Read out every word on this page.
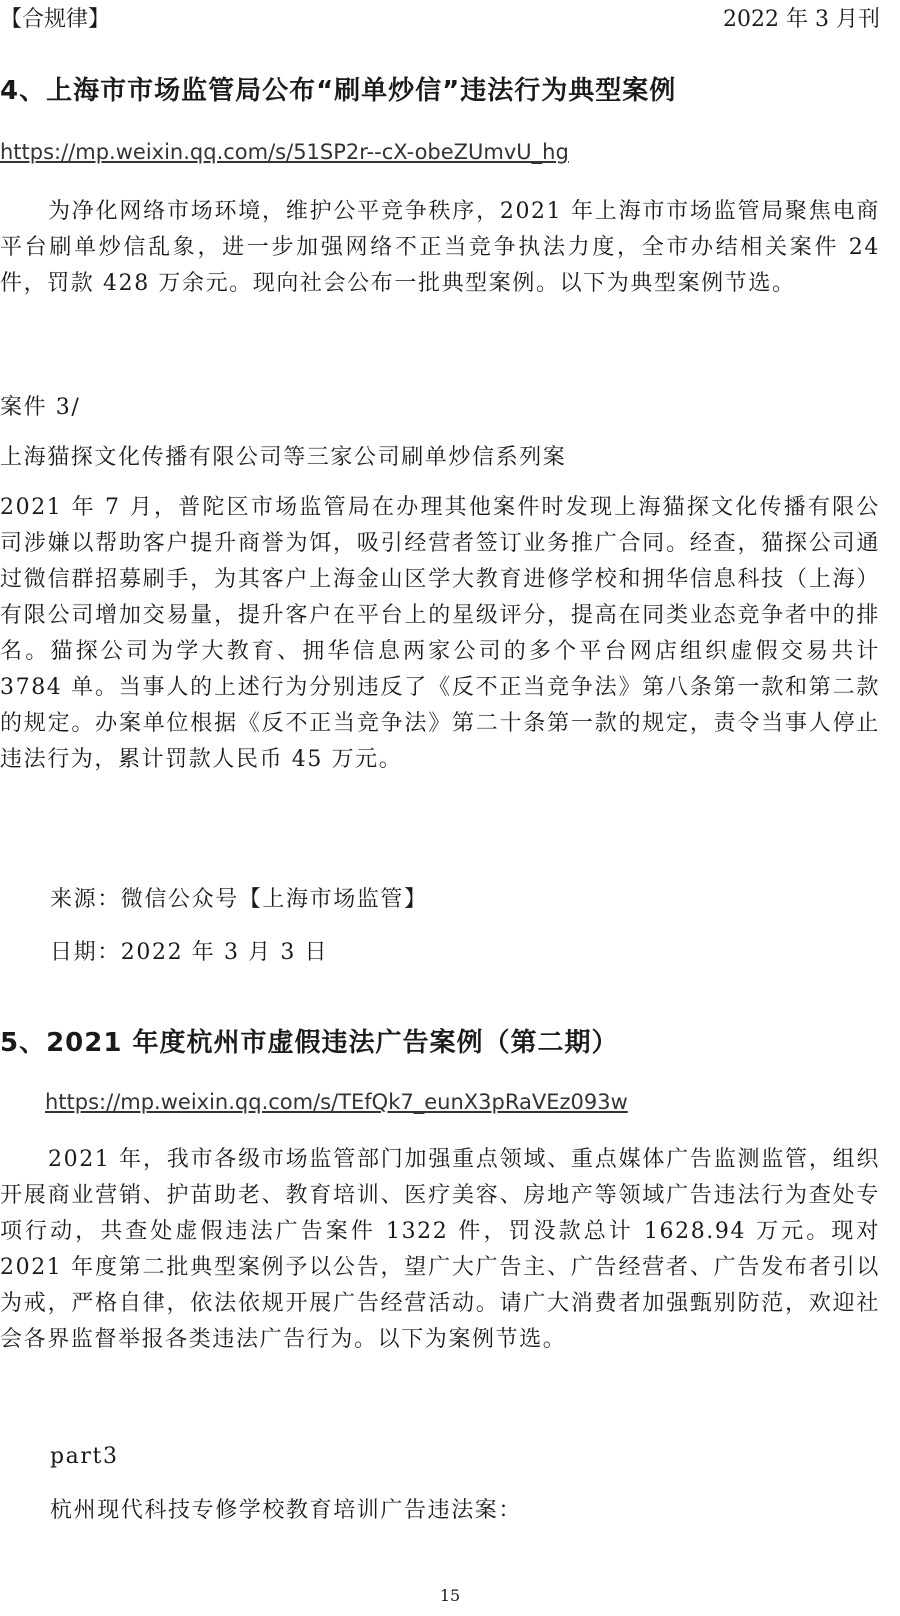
【合规律】	2022 年 3 月刊
4、上海市市场监管局公布“刷单炒信”违法行为典型案例
https://mp.weixin.qq.com/s/51SP2r--cX-obeZUmvU_hg
为净化网络市场环境，维护公平竞争秩序，2021 年上海市市场监管局聚焦电商平台刷单炒信乱象，进一步加强网络不正当竞争执法力度，全市办结相关案件 24 件，罚款 428 万余元。现向社会公布一批典型案例。以下为典型案例节选。
案件 3/
上海猫探文化传播有限公司等三家公司刷单炒信系列案
2021 年 7 月，普陀区市场监管局在办理其他案件时发现上海猫探文化传播有限公司涉嫌以帮助客户提升商誉为饵，吸引经营者签订业务推广合同。经查，猫探公司通过微信群招募刷手，为其客户上海金山区学大教育进修学校和拥华信息科技（上海）有限公司增加交易量，提升客户在平台上的星级评分，提高在同类业态竞争者中的排名。猫探公司为学大教育、拥华信息两家公司的多个平台网店组织虚假交易共计 3784 单。当事人的上述行为分别违反了《反不正当竞争法》第八条第一款和第二款的规定。办案单位根据《反不正当竞争法》第二十条第一款的规定，责令当事人停止违法行为，累计罚款人民币 45 万元。
来源：微信公众号【上海市场监管】
日期：2022 年 3 月 3 日
5、2021 年度杭州市虚假违法广告案例（第二期）
https://mp.weixin.qq.com/s/TEfQk7_eunX3pRaVEz093w
2021 年，我市各级市场监管部门加强重点领域、重点媒体广告监测监管，组织开展商业营销、护苗助老、教育培训、医疗美容、房地产等领域广告违法行为查处专项行动，共查处虚假违法广告案件 1322 件，罚没款总计 1628.94 万元。现对 2021 年度第二批典型案例予以公告，望广大广告主、广告经营者、广告发布者引以为戒，严格自律，依法依规开展广告经营活动。请广大消费者加强甄别防范，欢迎社会各界监督举报各类违法广告行为。以下为案例节选。
part3
杭州现代科技专修学校教育培训广告违法案：
15
